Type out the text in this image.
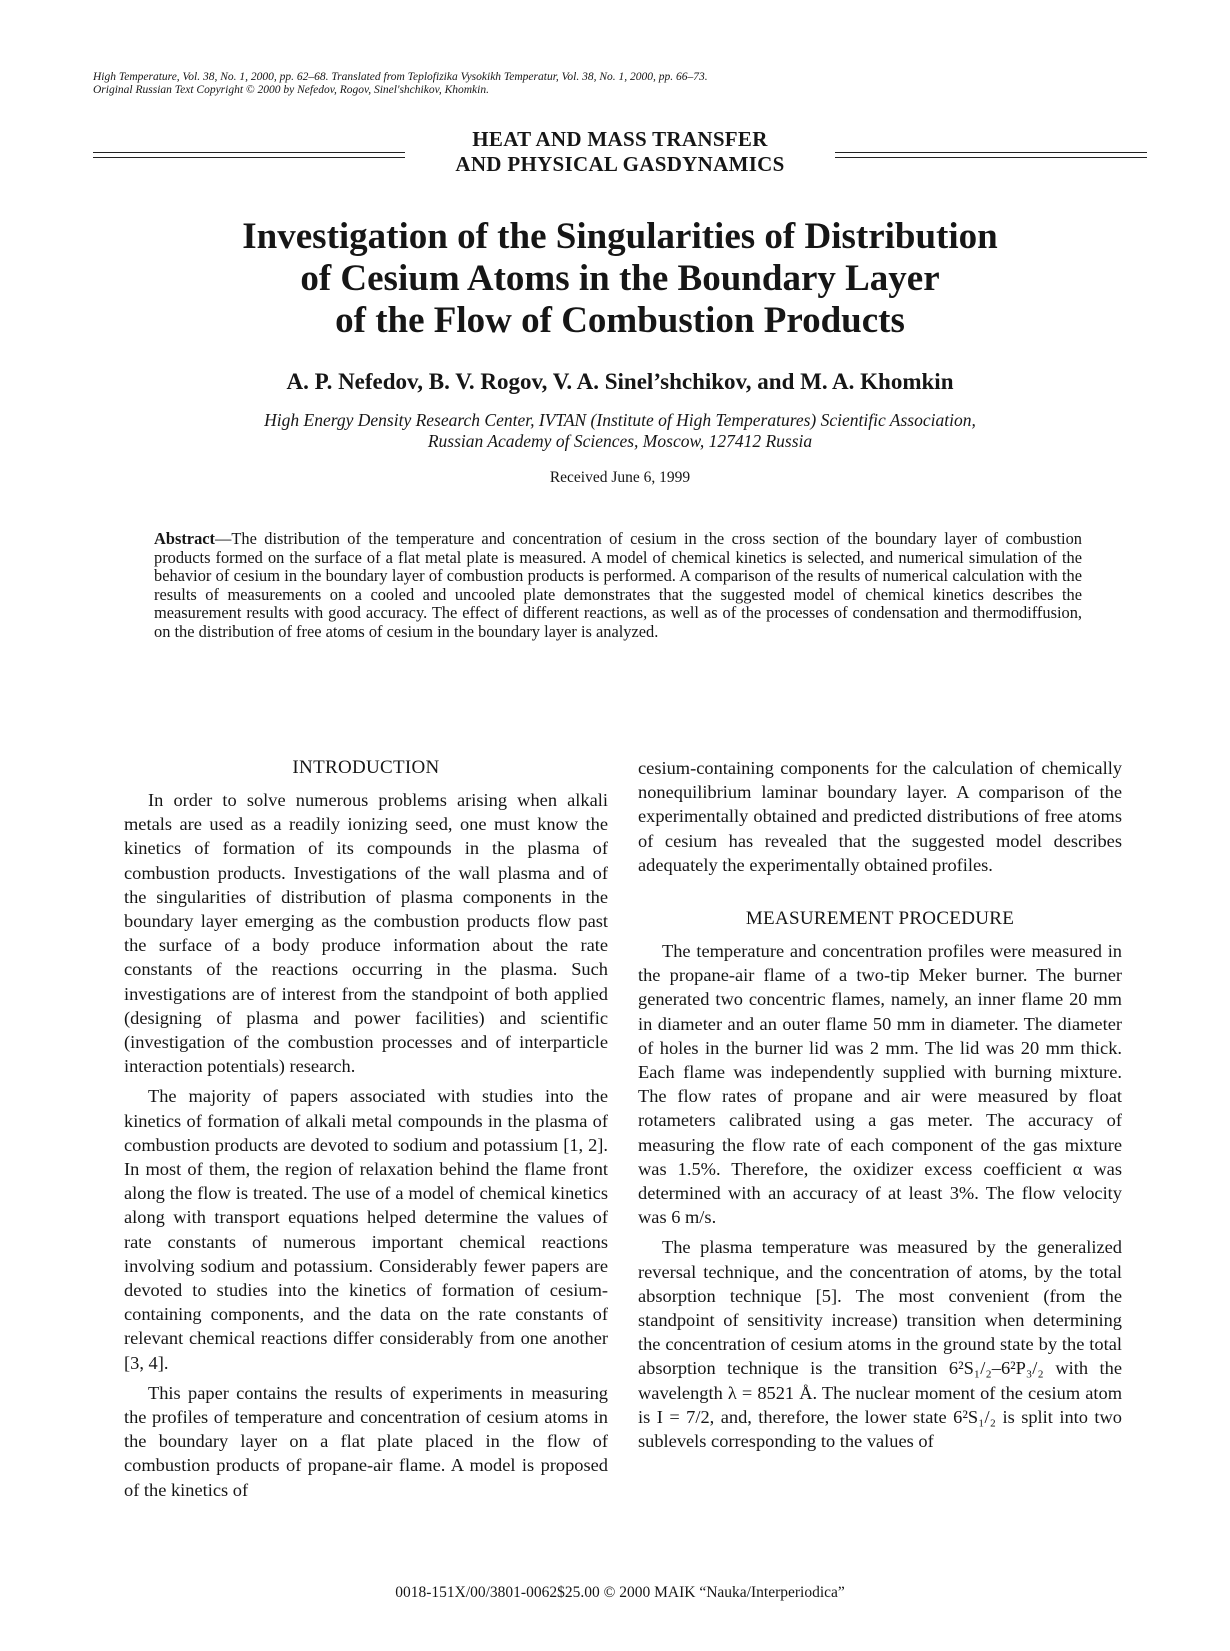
High Temperature, Vol. 38, No. 1, 2000, pp. 62–68. Translated from Teplofizika Vysokikh Temperatur, Vol. 38, No. 1, 2000, pp. 66–73.
Original Russian Text Copyright © 2000 by Nefedov, Rogov, Sinel'shchikov, Khomkin.
HEAT AND MASS TRANSFER
AND PHYSICAL GASDYNAMICS
Investigation of the Singularities of Distribution
of Cesium Atoms in the Boundary Layer
of the Flow of Combustion Products
A. P. Nefedov, B. V. Rogov, V. A. Sinel’shchikov, and M. A. Khomkin
High Energy Density Research Center, IVTAN (Institute of High Temperatures) Scientific Association,
Russian Academy of Sciences, Moscow, 127412 Russia
Received June 6, 1999
Abstract—The distribution of the temperature and concentration of cesium in the cross section of the boundary layer of combustion products formed on the surface of a flat metal plate is measured. A model of chemical kinetics is selected, and numerical simulation of the behavior of cesium in the boundary layer of combustion products is performed. A comparison of the results of numerical calculation with the results of measurements on a cooled and uncooled plate demonstrates that the suggested model of chemical kinetics describes the measurement results with good accuracy. The effect of different reactions, as well as of the processes of condensation and thermodiffusion, on the distribution of free atoms of cesium in the boundary layer is analyzed.
INTRODUCTION

In order to solve numerous problems arising when alkali metals are used as a readily ionizing seed, one must know the kinetics of formation of its compounds in the plasma of combustion products. Investigations of the wall plasma and of the singularities of distribution of plasma components in the boundary layer emerging as the combustion products flow past the surface of a body produce information about the rate constants of the reactions occurring in the plasma. Such investigations are of interest from the standpoint of both applied (designing of plasma and power facilities) and scientific (investigation of the combustion processes and of interparticle interaction potentials) research.

The majority of papers associated with studies into the kinetics of formation of alkali metal compounds in the plasma of combustion products are devoted to sodium and potassium [1, 2]. In most of them, the region of relaxation behind the flame front along the flow is treated. The use of a model of chemical kinetics along with transport equations helped determine the values of rate constants of numerous important chemical reactions involving sodium and potassium. Considerably fewer papers are devoted to studies into the kinetics of formation of cesium-containing components, and the data on the rate constants of relevant chemical reactions differ considerably from one another [3, 4].

This paper contains the results of experiments in measuring the profiles of temperature and concentration of cesium atoms in the boundary layer on a flat plate placed in the flow of combustion products of propane-air flame. A model is proposed of the kinetics of

cesium-containing components for the calculation of chemically nonequilibrium laminar boundary layer. A comparison of the experimentally obtained and predicted distributions of free atoms of cesium has revealed that the suggested model describes adequately the experimentally obtained profiles.

MEASUREMENT PROCEDURE

The temperature and concentration profiles were measured in the propane-air flame of a two-tip Meker burner. The burner generated two concentric flames, namely, an inner flame 20 mm in diameter and an outer flame 50 mm in diameter. The diameter of holes in the burner lid was 2 mm. The lid was 20 mm thick. Each flame was independently supplied with burning mixture. The flow rates of propane and air were measured by float rotameters calibrated using a gas meter. The accuracy of measuring the flow rate of each component of the gas mixture was 1.5%. Therefore, the oxidizer excess coefficient α was determined with an accuracy of at least 3%. The flow velocity was 6 m/s.

The plasma temperature was measured by the generalized reversal technique, and the concentration of atoms, by the total absorption technique [5]. The most convenient (from the standpoint of sensitivity increase) transition when determining the concentration of cesium atoms in the ground state by the total absorption technique is the transition 6²S₁/₂–6²P₃/₂ with the wavelength λ = 8521 Å. The nuclear moment of the cesium atom is I = 7/2, and, therefore, the lower state 6²S₁/₂ is split into two sublevels corresponding to the values of

0018-151X/00/3801-0062$25.00 © 2000 MAIK “Nauka/Interperiodica”
